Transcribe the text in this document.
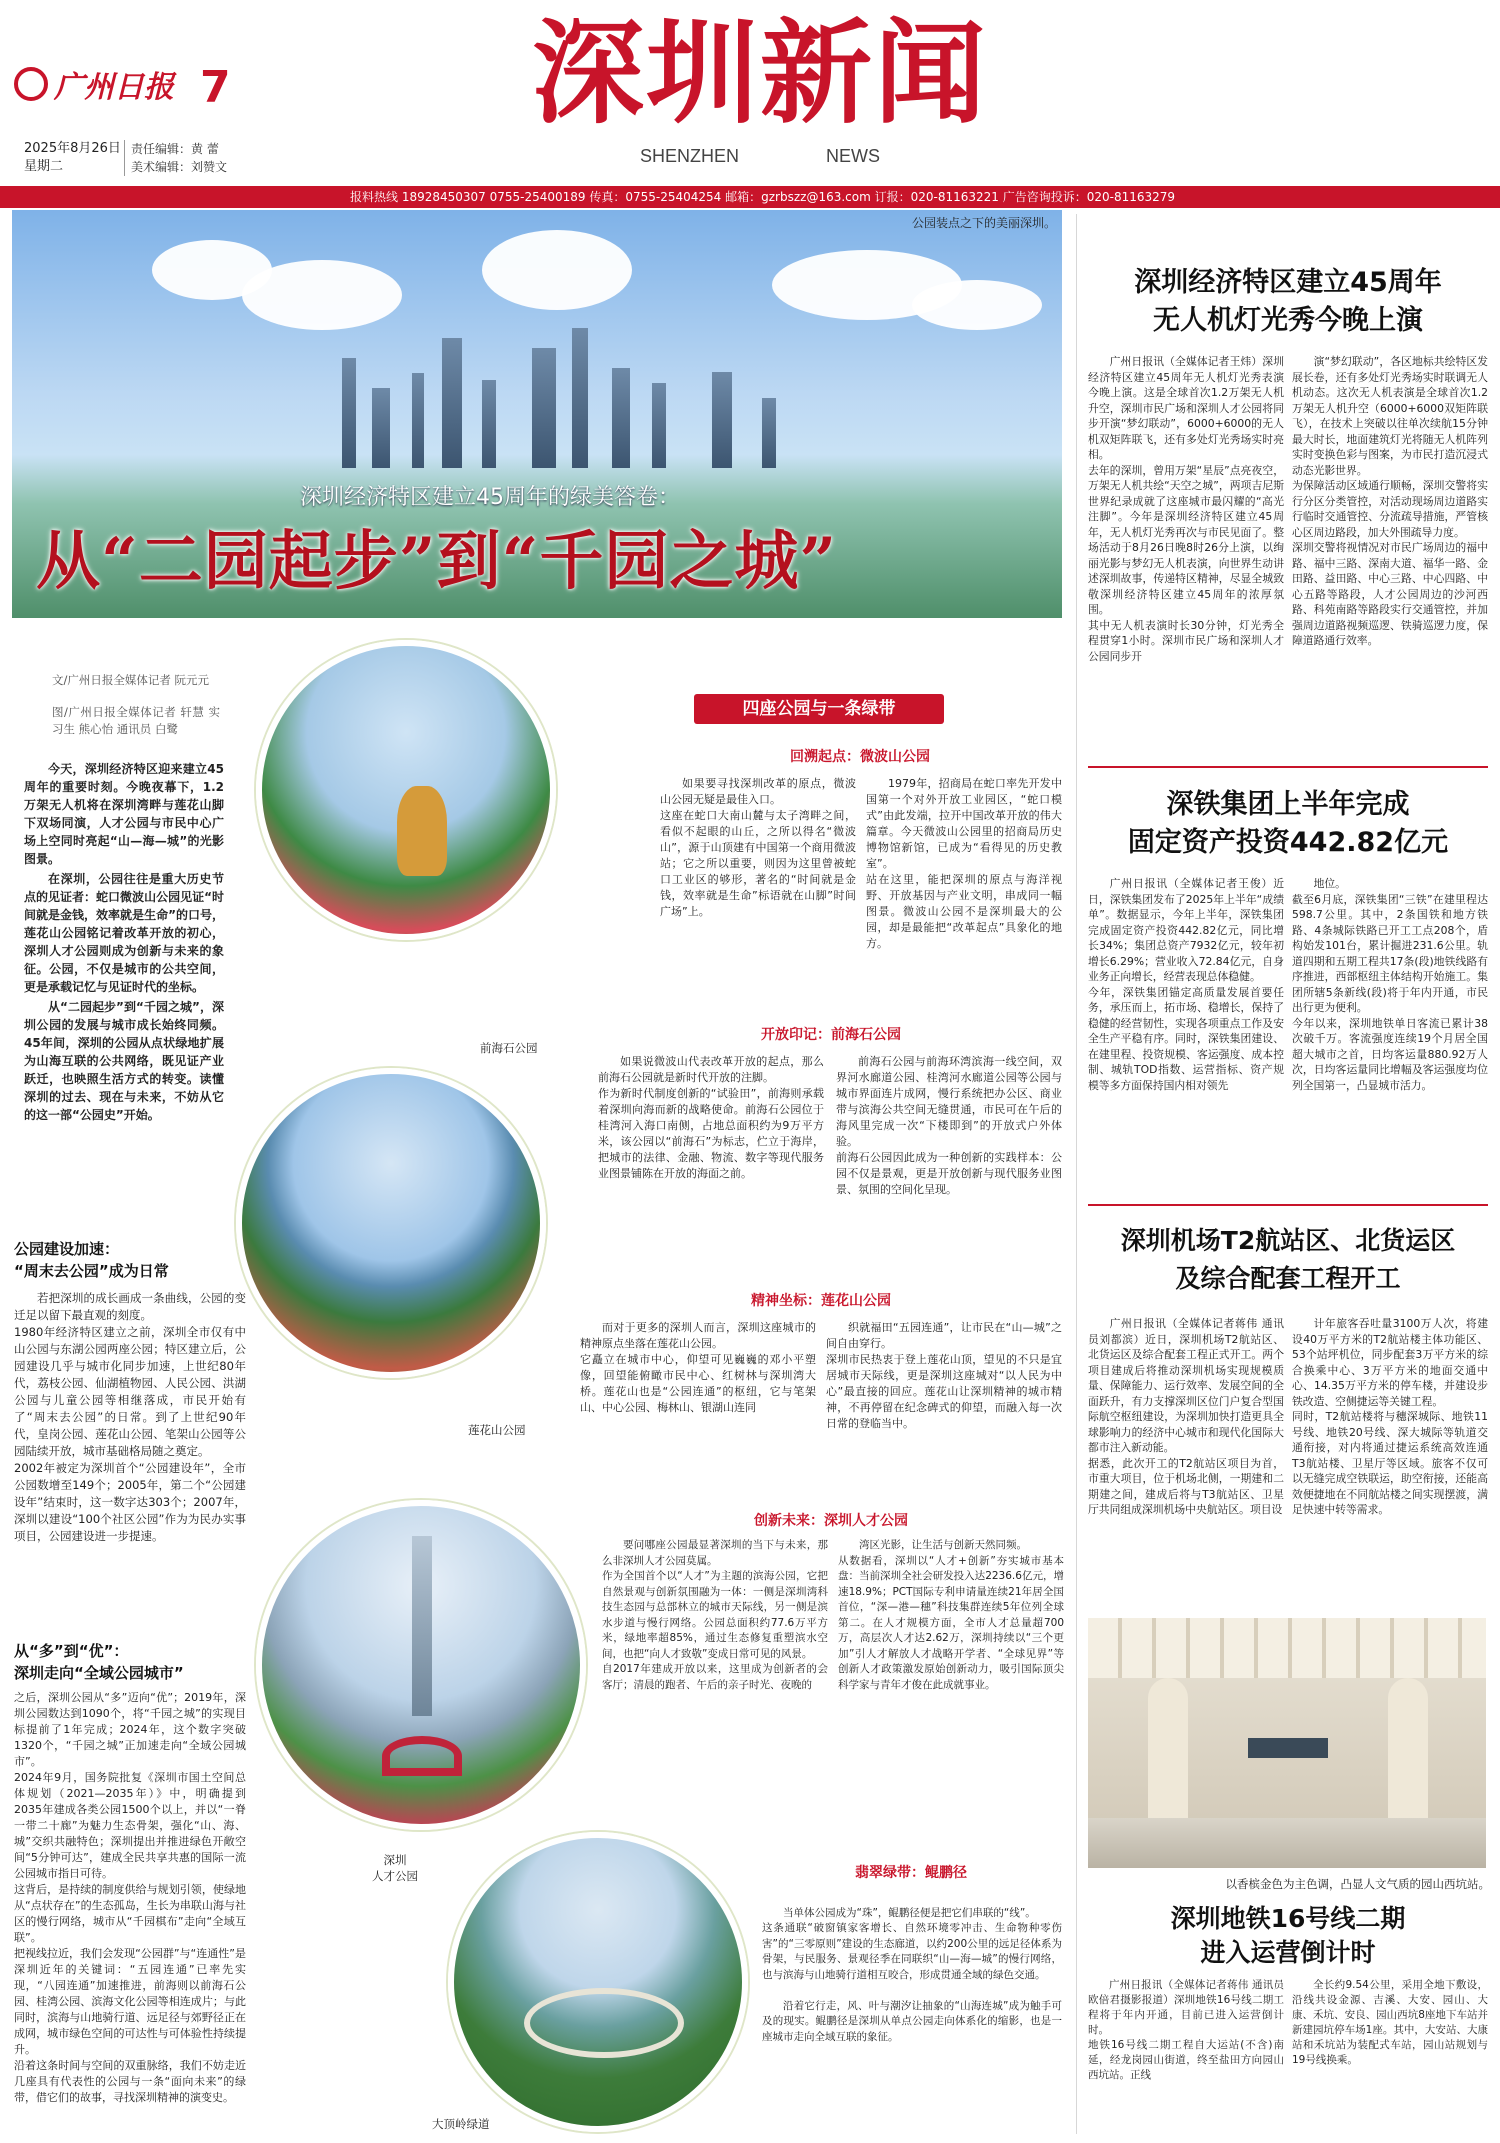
广州日报 7	深圳新闻
SHENZHEN	NEWS
2025年8月26日
星期二
责任编辑：黄 蕾
美术编辑：刘赞文
报料热线 18928450307 0755-25400189 传真：0755-25404254 邮箱：gzrbszz@163.com 订报：020-81163221 广告咨询投诉：020-81163279
公园装点之下的美丽深圳。
深圳经济特区建立45周年的绿美答卷：
从“二园起步”到“千园之城”
文/广州日报全媒体记者 阮元元
图/广州日报全媒体记者 轩慧 实习生 熊心怡 通讯员 白鹭

今天，深圳经济特区迎来建立45周年的重要时刻。今晚夜幕下，1.2万架无人机将在深圳湾畔与莲花山脚下双场同演，人才公园与市民中心广场上空同时亮起“山—海—城”的光影图景。

在深圳，公园往往是重大历史节点的见证者：蛇口微波山公园见证“时间就是金钱，效率就是生命”的口号，莲花山公园铭记着改革开放的初心，深圳人才公园则成为创新与未来的象征。公园，不仅是城市的公共空间，更是承载记忆与见证时代的坐标。

从“二园起步”到“千园之城”，深圳公园的发展与城市成长始终同频。45年间，深圳的公园从点状绿地扩展为山海互联的公共网络，既见证产业跃迁，也映照生活方式的转变。读懂深圳的过去、现在与未来，不妨从它的这一部“公园史”开始。

公园建设加速：
“周末去公园”成为日常
若把深圳的成长画成一条曲线，公园的变迁足以留下最直观的刻度。
1980年经济特区建立之前，深圳全市仅有中山公园与东湖公园两座公园；特区建立后，公园建设几乎与城市化同步加速，上世纪80年代，荔枝公园、仙湖植物园、人民公园、洪湖公园与儿童公园等相继落成，市民开始有了“周末去公园”的日常。到了上世纪90年代，皇岗公园、莲花山公园、笔架山公园等公园陆续开放，城市基础格局随之奠定。
2002年被定为深圳首个“公园建设年”，全市公园数增至149个；2005年，第二个“公园建设年”结束时，这一数字达303个；2007年，深圳以建设“100个社区公园”作为为民办实事项目，公园建设进一步提速。
从“多”到“优”：
深圳走向“全域公园城市”
之后，深圳公园从“多”迈向“优”；2019年，深圳公园数达到1090个，将“千园之城”的实现目标提前了1年完成；2024年，这个数字突破1320个，“千园之城”正加速走向“全域公园城市”。
2024年9月，国务院批复《深圳市国土空间总体规划（2021—2035年）》中，明确提到2035年建成各类公园1500个以上，并以“一脊一带二十廊”为魅力生态骨架，强化“山、海、城”交织共融特色；深圳提出并推进绿色开敞空间“5分钟可达”，建成全民共享共惠的国际一流公园城市指日可待。
这背后，是持续的制度供给与规划引领，使绿地从“点状存在”的生态孤岛，生长为串联山海与社区的慢行网络，城市从“千园棋布”走向“全域互联”。
把视线拉近，我们会发现“公园群”与“连通性”是深圳近年的关键词：“五园连通”已率先实现，“八园连通”加速推进，前海则以前海石公园、桂湾公园、滨海文化公园等相连成片；与此同时，滨海与山地骑行道、远足径与郊野径正在成网，城市绿色空间的可达性与可体验性持续提升。
沿着这条时间与空间的双重脉络，我们不妨走近几座具有代表性的公园与一条“面向未来”的绿带，借它们的故事，寻找深圳精神的演变史。
前海石公园
莲花山公园
深圳
人才公园
大顶岭绿道
四座公园与一条绿带
回溯起点：微波山公园
如果要寻找深圳改革的原点，微波山公园无疑是最佳入口。
这座在蛇口大南山麓与太子湾畔之间，看似不起眼的山丘，之所以得名“微波山”，源于山顶建有中国第一个商用微波站；它之所以重要，则因为这里曾被蛇口工业区的够形，著名的“时间就是金钱，效率就是生命”标语就在山脚”时间广场”上。
1979年，招商局在蛇口率先开发中国第一个对外开放工业园区，“蛇口模式”由此发端，拉开中国改革开放的伟大篇章。今天微波山公园里的招商局历史博物馆新馆，已成为“看得见的历史教室”。
站在这里，能把深圳的原点与海洋视野、开放基因与产业文明，串成同一幅图景。微波山公园不是深圳最大的公园，却是最能把“改革起点”具象化的地方。
开放印记：前海石公园
如果说微波山代表改革开放的起点，那么前海石公园就是新时代开放的注脚。
作为新时代制度创新的“试验田”，前海则承载着深圳向海而新的战略使命。前海石公园位于桂湾河入海口南侧，占地总面积约为9万平方米，该公园以“前海石”为标志，伫立于海岸，把城市的法律、金融、物流、数字等现代服务业图景铺陈在开放的海面之前。
前海石公园与前海环湾滨海一线空间，双界河水廊道公园、桂湾河水廊道公园等公园与城市界面连片成网，慢行系统把办公区、商业带与滨海公共空间无缝贯通，市民可在午后的海风里完成一次“下楼即到”的开放式户外体验。
前海石公园因此成为一种创新的实践样本：公园不仅是景观，更是开放创新与现代服务业图景、氛围的空间化呈现。
精神坐标：莲花山公园
而对于更多的深圳人而言，深圳这座城市的精神原点坐落在莲花山公园。
它矗立在城市中心，仰望可见巍巍的邓小平塑像，回望能俯瞰市民中心、红树林与深圳湾大桥。莲花山也是“公园连通”的枢纽，它与笔架山、中心公园、梅林山、银湖山连同
织就福田“五园连通”，让市民在“山—城”之间自由穿行。
深圳市民热衷于登上莲花山顶，望见的不只是宜居城市天际线，更是深圳这座城对“以人民为中心”最直接的回应。莲花山让深圳精神的城市精神，不再停留在纪念碑式的仰望，而融入每一次日常的登临当中。
创新未来：深圳人才公园
要问哪座公园最显著深圳的当下与未来，那么非深圳人才公园莫属。
作为全国首个以“人才”为主题的滨海公园，它把自然景观与创新氛围融为一体：一侧是深圳湾科技生态园与总部林立的城市天际线，另一侧是滨水步道与慢行网络。公园总面积约77.6万平方米，绿地率超85%，通过生态修复重塑滨水空间，也把“向人才致敬”变成日常可见的风景。
自2017年建成开放以来，这里成为创新者的会客厅；清晨的跑者、午后的亲子时光、夜晚的
湾区光影，让生活与创新天然同频。
从数据看，深圳以“人才+创新”夯实城市基本盘：当前深圳全社会研发投入达2236.6亿元，增速18.9%；PCT国际专利申请量连续21年居全国首位，“深—港—穗”科技集群连续5年位列全球第二。在人才规模方面，全市人才总量超700万，高层次人才达2.62万，深圳持续以“三个更加”引人才解放人才战略开学者、“全球见界”等创新人才政策激发原始创新动力，吸引国际顶尖科学家与青年才俊在此成就事业。
翡翠绿带：鲲鹏径

当单体公园成为“珠”，鲲鹏径便是把它们串联的“线”。
这条通联“破窗镇家客增长、自然环境零冲击、生命物种零伤害”的“三零原则”建设的生态廊道，以约200公里的远足径体系为骨架，与民服务、景观径季在同联织“山—海—城”的慢行网络，也与滨海与山地骑行道相互咬合，形成贯通全域的绿色交通。

沿着它行走，风、叶与潮汐让抽象的“山海连城”成为触手可及的现实。鲲鹏径是深圳从单点公园走向体系化的缩影，也是一座城市走向全域互联的象征。

深圳经济特区建立45周年
无人机灯光秀今晚上演
广州日报讯（全媒体记者王炜）深圳经济特区建立45周年无人机灯光秀表演今晚上演。这是全球首次1.2万架无人机升空，深圳市民广场和深圳人才公园将同步开演“梦幻联动”，6000+6000的无人机双矩阵联飞，还有多处灯光秀场实时亮相。
去年的深圳，曾用万架“星辰”点亮夜空，万架无人机共绘“天空之城”，两项吉尼斯世界纪录成就了这座城市最闪耀的“高光注脚”。今年是深圳经济特区建立45周年，无人机灯光秀再次与市民见面了。整场活动于8月26日晚8时26分上演，以绚丽光影与梦幻无人机表演，向世界生动讲述深圳故事，传递特区精神，尽显全城致敬深圳经济特区建立45周年的浓厚氛围。
其中无人机表演时长30分钟，灯光秀全程贯穿1小时。深圳市民广场和深圳人才公园同步开
演“梦幻联动”，各区地标共绘特区发展长卷，还有多处灯光秀场实时联调无人机动态。这次无人机表演是全球首次1.2万架无人机升空（6000+6000双矩阵联飞），在技术上突破以往单次续航15分钟最大时长，地面建筑灯光将随无人机阵列实时变换色彩与图案，为市民打造沉浸式动态光影世界。
为保障活动区域通行顺畅，深圳交警将实行分区分类管控，对活动现场周边道路实行临时交通管控、分流疏导措施，严管核心区周边路段，加大外围疏导力度。
深圳交警将视情况对市民广场周边的福中路、福中三路、深南大道、福华一路、金田路、益田路、中心三路、中心四路、中心五路等路段，人才公园周边的沙河西路、科苑南路等路段实行交通管控，并加强周边道路视频巡逻、铁骑巡逻力度，保障道路通行效率。
深铁集团上半年完成
固定资产投资442.82亿元
广州日报讯（全媒体记者王俊）近日，深铁集团发布了2025年上半年“成绩单”。数据显示，今年上半年，深铁集团完成固定资产投资442.82亿元，同比增长34%；集团总资产7932亿元，较年初增长6.29%；营业收入72.84亿元，自身业务正向增长，经营表现总体稳健。
今年，深铁集团锚定高质量发展首要任务，承压而上，拓市场、稳增长，保持了稳健的经营韧性，实现各项重点工作及安全生产平稳有序。同时，深铁集团建设、在建里程、投资规模、客运强度、成本控制、城轨TOD指数、运营指标、资产规模等多方面保持国内相对领先
地位。
截至6月底，深铁集团“三铁”在建里程达598.7公里。其中，2条国铁和地方铁路、4条城际铁路已开工工点208个，盾构始发101台，累计掘进231.6公里。轨道四期和五期工程共17条(段)地铁线路有序推进，西部枢纽主体结构开始施工。集团所辖5条新线(段)将于年内开通，市民出行更为便利。
今年以来，深圳地铁单日客流已累计38次破千万。客流强度连续19个月居全国超大城市之首，日均客运量880.92万人次，日均客运量同比增幅及客运强度均位列全国第一，凸显城市活力。
深圳机场T2航站区、北货运区
及综合配套工程开工
广州日报讯（全媒体记者蒋伟 通讯员刘都滨）近日，深圳机场T2航站区、北货运区及综合配套工程正式开工。两个项目建成后将推动深圳机场实现规模质量、保障能力、运行效率、发展空间的全面跃升，有力支撑深圳区位门户复合型国际航空枢纽建设，为深圳加快打造更具全球影响力的经济中心城市和现代化国际大都市注入新动能。
据悉，此次开工的T2航站区项目为首，市重大项目，位于机场北侧，一期建和二期建之间，建成后将与T3航站区、卫星厅共同组成深圳机场中央航站区。项目设
计年旅客吞吐量3100万人次，将建设40万平方米的T2航站楼主体功能区、53个站坪机位，同步配套3万平方米的综合换乘中心、3万平方米的地面交通中心、14.35万平方米的停车楼，并建设步铁改造、空侧捷运等关键工程。
同时，T2航站楼将与穗深城际、地铁11号线、地铁20号线、深大城际等轨道交通衔接，对内将通过捷运系统高效连通T3航站楼、卫星厅等区域。旅客不仅可以无缝完成空铁联运，助空衔接，还能高效便捷地在不同航站楼之间实现摆渡，满足快速中转等需求。
以香槟金色为主色调，凸显人文气质的园山西坑站。
深圳地铁16号线二期
进入运营倒计时
广州日报讯（全媒体记者蒋伟 通讯员欧倍君摄影报道）深圳地铁16号线二期工程将于年内开通，目前已进入运营倒计时。
地铁16号线二期工程自大运站(不含)南延，经龙岗园山街道，终至盐田方向园山西坑站。正线
全长约9.54公里，采用全地下敷设，沿线共设金源、吉溪、大安、园山、大康、禾坑、安良、园山西坑8座地下车站并新建园坑停车场1座。其中，大安站、大康站和禾坑站为装配式车站，园山站规划与19号线换乘。
